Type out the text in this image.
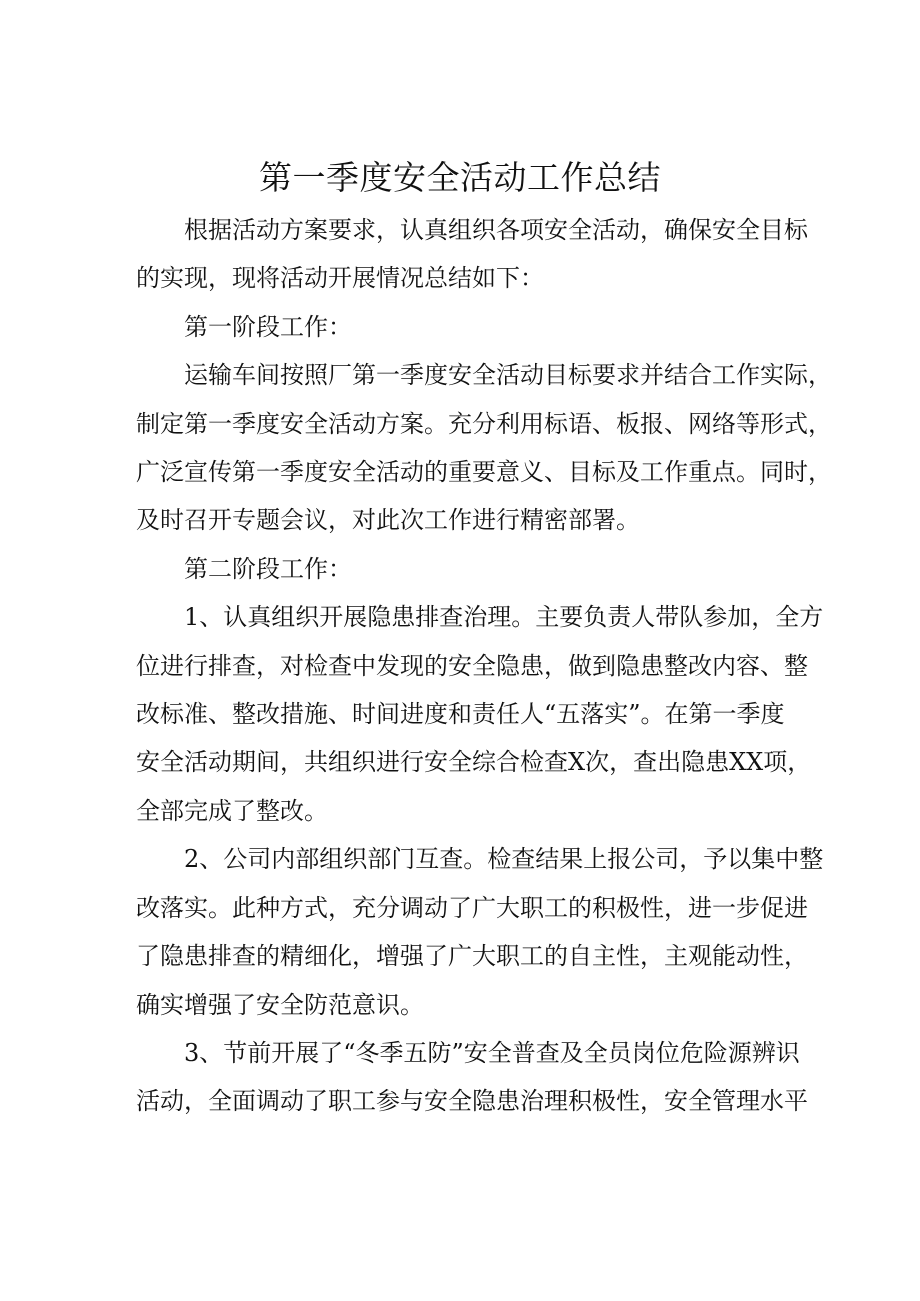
第一季度安全活动工作总结

根据活动方案要求，认真组织各项安全活动，确保安全目标
的实现，现将活动开展情况总结如下：

第一阶段工作：

运输车间按照厂第一季度安全活动目标要求并结合工作实际，
制定第一季度安全活动方案。充分利用标语、板报、网络等形式，
广泛宣传第一季度安全活动的重要意义、目标及工作重点。同时，
及时召开专题会议，对此次工作进行精密部署。

第二阶段工作：

1、认真组织开展隐患排查治理。主要负责人带队参加，全方
位进行排查，对检查中发现的安全隐患，做到隐患整改内容、整
改标准、整改措施、时间进度和责任人“五落实”。在第一季度
安全活动期间，共组织进行安全综合检查X次，查出隐患XX项，
全部完成了整改。

2、公司内部组织部门互查。检查结果上报公司，予以集中整
改落实。此种方式，充分调动了广大职工的积极性，进一步促进
了隐患排查的精细化，增强了广大职工的自主性，主观能动性，
确实增强了安全防范意识。

3、节前开展了“冬季五防”安全普查及全员岗位危险源辨识
活动，全面调动了职工参与安全隐患治理积极性，安全管理水平
